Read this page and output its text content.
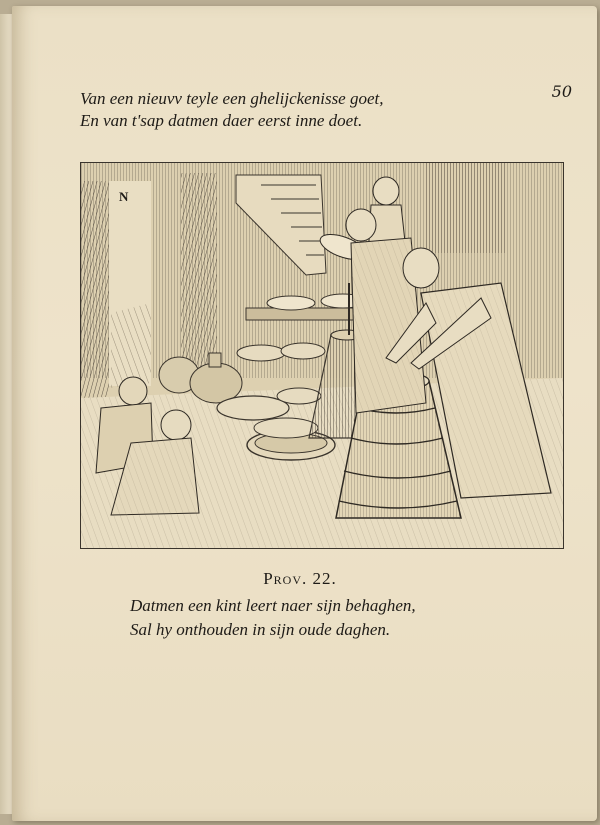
50
Van een nieuvv teyle een ghelijckenisse goet,
En van t'sap datmen daer eerst inne doet.
N
Prov. 22.
Datmen een kint leert naer sijn behaghen,
Sal hy onthouden in sijn oude daghen.
